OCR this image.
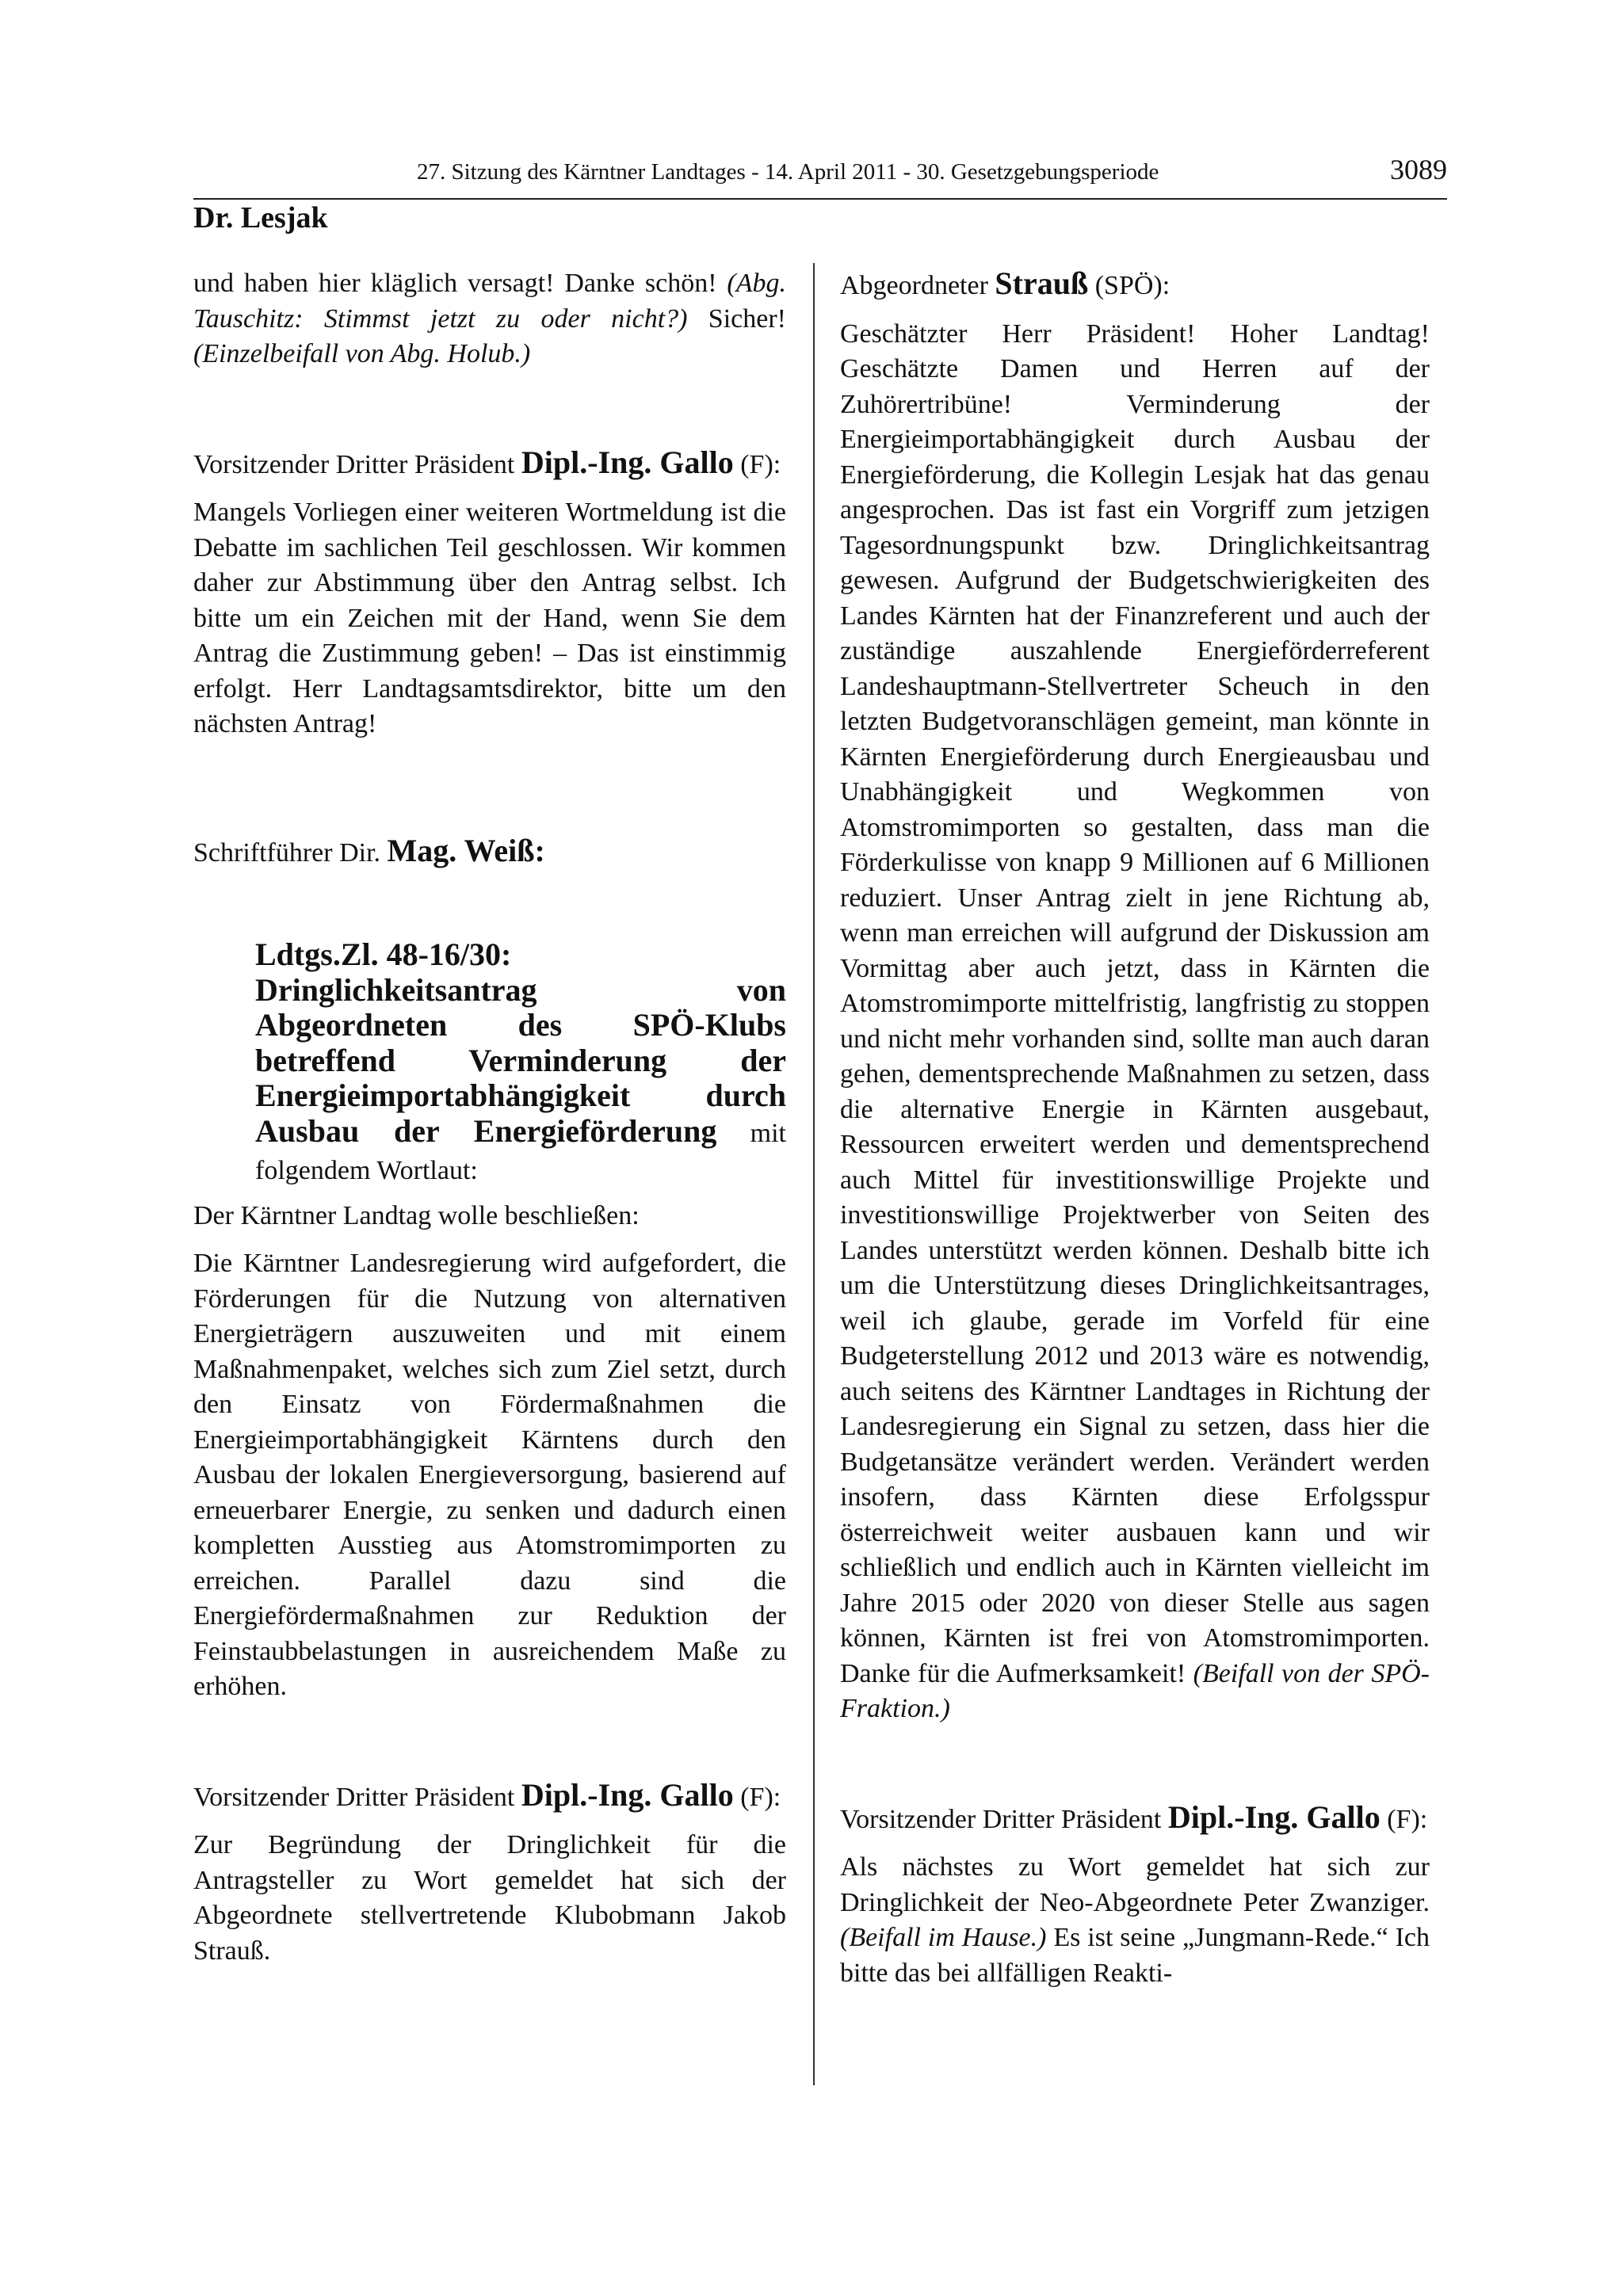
27. Sitzung des Kärntner Landtages - 14. April 2011 - 30. Gesetzgebungsperiode	3089
Dr. Lesjak

und haben hier kläglich versagt! Danke schön! (Abg. Tauschitz: Stimmst jetzt zu oder nicht?) Sicher! (Einzelbeifall von Abg. Holub.)

Vorsitzender Dritter Präsident Dipl.-Ing. Gallo (F):

Mangels Vorliegen einer weiteren Wortmeldung ist die Debatte im sachlichen Teil geschlossen. Wir kommen daher zur Abstimmung über den Antrag selbst. Ich bitte um ein Zeichen mit der Hand, wenn Sie dem Antrag die Zustimmung geben! – Das ist einstimmig erfolgt. Herr Landtagsamtsdirektor, bitte um den nächsten Antrag!

Schriftführer Dir. Mag. Weiß:

Ldtgs.Zl. 48-16/30:

Dringlichkeitsantrag von Abgeordneten des SPÖ-Klubs betreffend Verminderung der Energieimportabhängigkeit durch Ausbau der Energieförderung mit folgendem Wortlaut:

Der Kärntner Landtag wolle beschließen:

Die Kärntner Landesregierung wird aufgefordert, die Förderungen für die Nutzung von alternativen Energieträgern auszuweiten und mit einem Maßnahmenpaket, welches sich zum Ziel setzt, durch den Einsatz von Fördermaßnahmen die Energieimportabhängigkeit Kärntens durch den Ausbau der lokalen Energieversorgung, basierend auf erneuerbarer Energie, zu senken und dadurch einen kompletten Ausstieg aus Atomstromimporten zu erreichen. Parallel dazu sind die Energiefördermaßnahmen zur Reduktion der Feinstaubbelastungen in ausreichendem Maße zu erhöhen.

Vorsitzender Dritter Präsident Dipl.-Ing. Gallo (F):

Zur Begründung der Dringlichkeit für die Antragsteller zu Wort gemeldet hat sich der Abgeordnete stellvertretende Klubobmann Jakob Strauß.

Abgeordneter Strauß (SPÖ):

Geschätzter Herr Präsident! Hoher Landtag! Geschätzte Damen und Herren auf der Zuhörertribüne! Verminderung der Energieimportabhängigkeit durch Ausbau der Energieförderung, die Kollegin Lesjak hat das genau angesprochen. Das ist fast ein Vorgriff zum jetzigen Tagesordnungspunkt bzw. Dringlichkeitsantrag gewesen. Aufgrund der Budgetschwierigkeiten des Landes Kärnten hat der Finanzreferent und auch der zuständige auszahlende Energieförderreferent Landeshauptmann-Stellvertreter Scheuch in den letzten Budgetvoranschlägen gemeint, man könnte in Kärnten Energieförderung durch Energieausbau und Unabhängigkeit und Wegkommen von Atomstromimporten so gestalten, dass man die Förderkulisse von knapp 9 Millionen auf 6 Millionen reduziert. Unser Antrag zielt in jene Richtung ab, wenn man erreichen will aufgrund der Diskussion am Vormittag aber auch jetzt, dass in Kärnten die Atomstromimporte mittelfristig, langfristig zu stoppen und nicht mehr vorhanden sind, sollte man auch daran gehen, dementsprechende Maßnahmen zu setzen, dass die alternative Energie in Kärnten ausgebaut, Ressourcen erweitert werden und dementsprechend auch Mittel für investitionswillige Projekte und investitionswillige Projektwerber von Seiten des Landes unterstützt werden können. Deshalb bitte ich um die Unterstützung dieses Dringlichkeitsantrages, weil ich glaube, gerade im Vorfeld für eine Budgeterstellung 2012 und 2013 wäre es notwendig, auch seitens des Kärntner Landtages in Richtung der Landesregierung ein Signal zu setzen, dass hier die Budgetansätze verändert werden. Verändert werden insofern, dass Kärnten diese Erfolgsspur österreichweit weiter ausbauen kann und wir schließlich und endlich auch in Kärnten vielleicht im Jahre 2015 oder 2020 von dieser Stelle aus sagen können, Kärnten ist frei von Atomstromimporten. Danke für die Aufmerksamkeit! (Beifall von der SPÖ-Fraktion.)

Vorsitzender Dritter Präsident Dipl.-Ing. Gallo (F):

Als nächstes zu Wort gemeldet hat sich zur Dringlichkeit der Neo-Abgeordnete Peter Zwanziger. (Beifall im Hause.) Es ist seine „Jungmann-Rede.“ Ich bitte das bei allfälligen Reakti-
